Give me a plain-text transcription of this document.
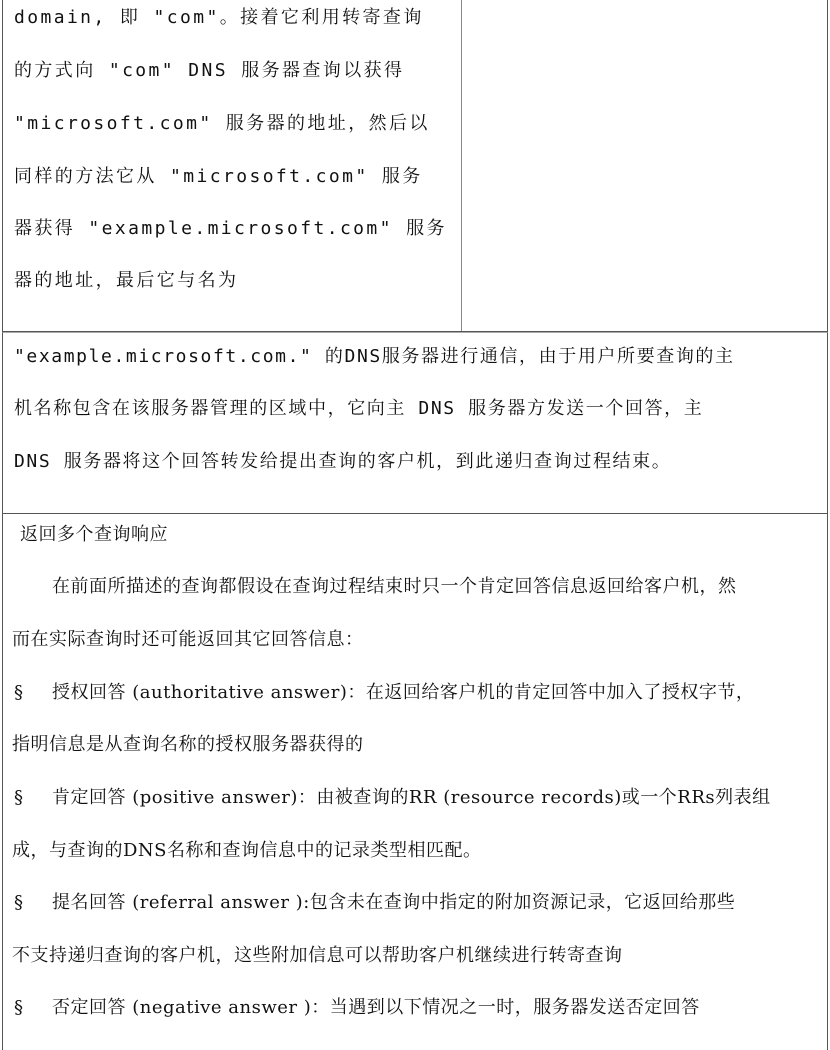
domain, 即 "com"。接着它利用转寄查询
的方式向 "com" DNS 服务器查询以获得
"microsoft.com" 服务器的地址，然后以
同样的方法它从 "microsoft.com" 服务
器获得 "example.microsoft.com" 服务
器的地址，最后它与名为
"example.microsoft.com." 的DNS服务器进行通信，由于用户所要查询的主
机名称包含在该服务器管理的区域中，它向主 DNS 服务器方发送一个回答，主
DNS 服务器将这个回答转发给提出查询的客户机，到此递归查询过程结束。
返回多个查询响应
在前面所描述的查询都假设在查询过程结束时只一个肯定回答信息返回给客户机，然
而在实际查询时还可能返回其它回答信息：
§ 授权回答 (authoritative answer)：在返回给客户机的肯定回答中加入了授权字节，
指明信息是从查询名称的授权服务器获得的
§ 肯定回答 (positive answer)：由被查询的RR (resource records)或一个RRs列表组
成，与查询的DNS名称和查询信息中的记录类型相匹配。
§ 提名回答 (referral answer ):包含未在查询中指定的附加资源记录，它返回给那些
不支持递归查询的客户机，这些附加信息可以帮助客户机继续进行转寄查询
§ 否定回答 (negative answer )：当遇到以下情况之一时，服务器发送否定回答
